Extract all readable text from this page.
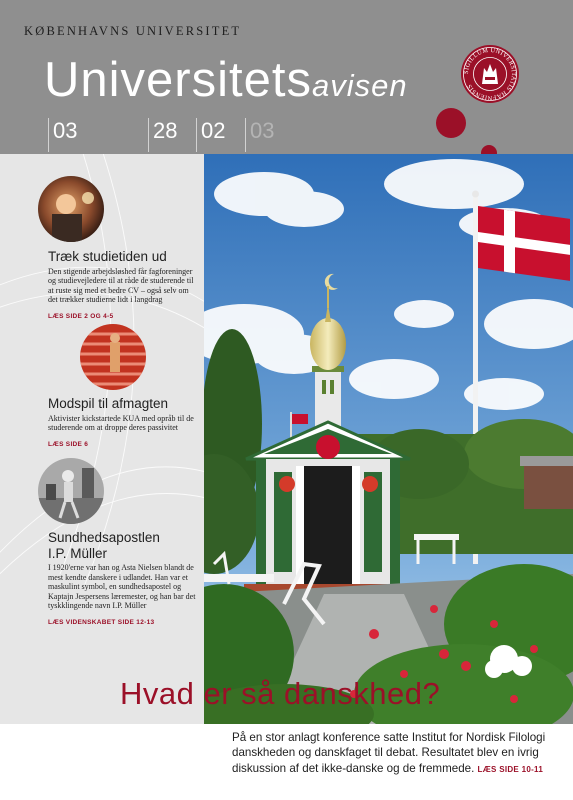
KØBENHAVNS UNIVERSITET
Universitetsavisen
03	28 02 03
SIGILLUM UNIVERSITATIS HAFNIENSIS
Træk studietiden ud
Den stigende arbejdsløshed får fagforeninger og studievejledere til at råde de studerende til at ruste sig med et bedre CV – også selv om det trækker studierne lidt i langdrag
LÆS SIDE 2 OG 4-5
Modspil til afmagten
Aktivister kickstartede KUA med opråb til de studerende om at droppe deres passivitet
LÆS SIDE 6
Sundhedsapostlen
I.P. Müller
I 1920'erne var han og Asta Nielsen blandt de mest kendte danskere i udlandet. Han var et maskulint symbol, en sundhedsapostel og Kaptajn Jespersens læremester, og han bar det tyskklingende navn I.P. Müller
LÆS VIDENSKABET SIDE 12-13
Hvad er så danskhed?
På en stor anlagt konference satte Institut for Nordisk Filologi danskheden og danskfaget til debat. Resultatet blev en ivrig diskussion af det ikke-danske og de fremmede. LÆS SIDE 10-11
